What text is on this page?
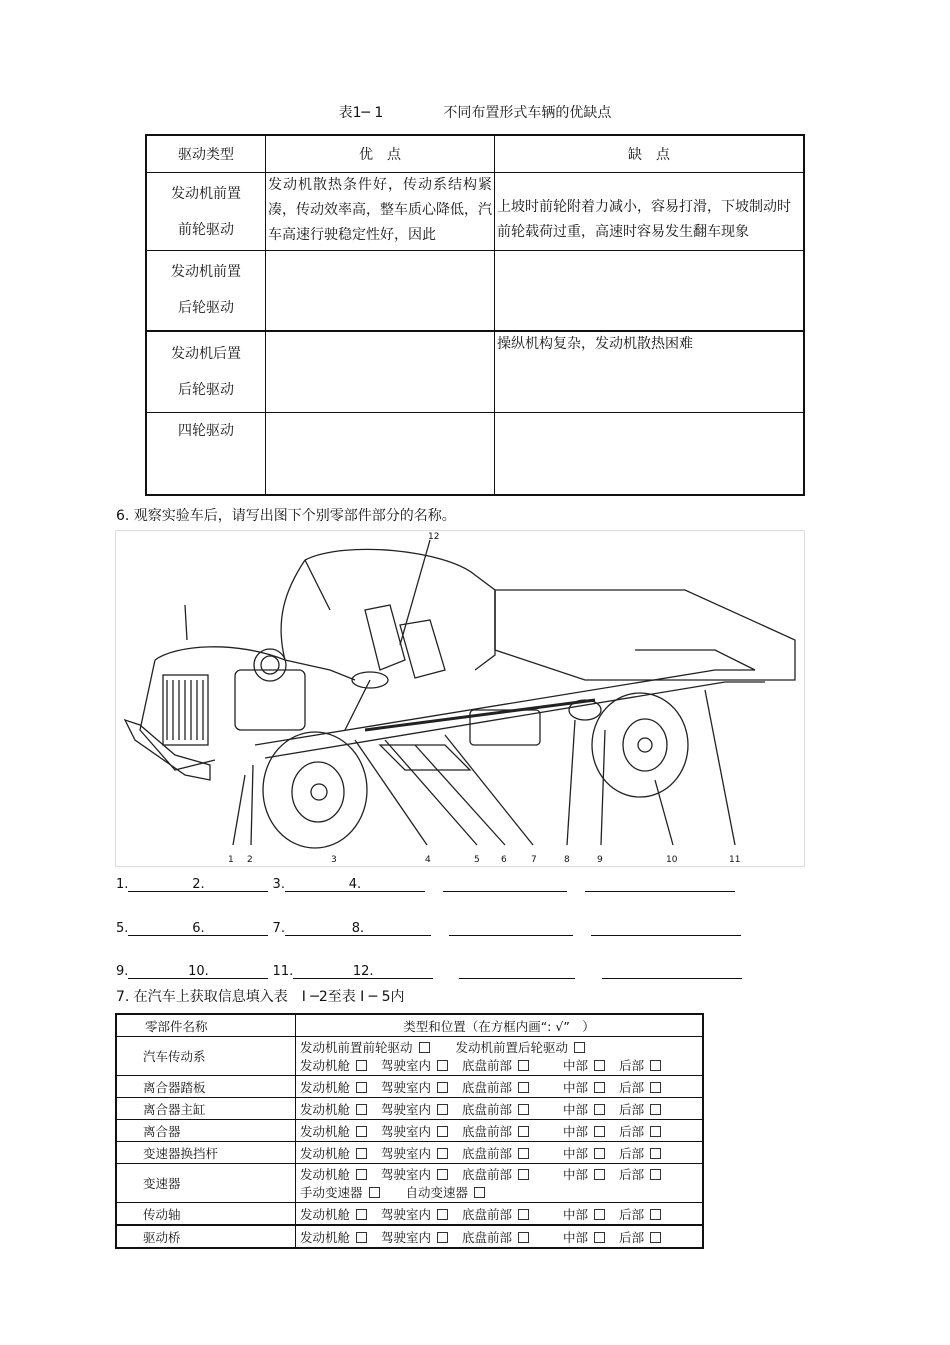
表1─ 1	不同布置形式车辆的优缺点
驱动类型	优　点	缺　点

发动机前置
前轮驱动	发动机散热条件好，传动系结构紧凑，传动效率高，整车质心降低，汽车高速行驶稳定性好，因此	上坡时前轮附着力减小，容易打滑，下坡制动时前轮载荷过重，高速时容易发生翻车现象

发动机前置
后轮驱动		

发动机后置
后轮驱动		操纵机构复杂，发动机散热困难

四轮驱动		

6. 观察实验车后，请写出图下个别零部件部分的名称。
12
1 2	3	4	5 6	7	8	9	10	11
1.	2.	3.	4.
5.	6.	7.	8.
9.	10.	11.	12.
7. 在汽车上获取信息填入表　I ─2至表 I ─ 5内
零部件名称	类型和位置（在方框内画“: √”　）
汽车传动系	发动机前置前轮驱动 发动机前置后轮驱动
发动机舱 驾驶室内 底盘前部 中部 后部

离合器踏板	发动机舱 驾驶室内 底盘前部 中部 后部

离合器主缸	发动机舱 驾驶室内 底盘前部 中部 后部

离合器	发动机舱 驾驶室内 底盘前部 中部 后部

变速器换挡杆	发动机舱 驾驶室内 底盘前部 中部 后部

变速器	发动机舱 驾驶室内 底盘前部 中部 后部
手动变速器 自动变速器

传动轴	发动机舱 驾驶室内 底盘前部 中部 后部

驱动桥	发动机舱 驾驶室内 底盘前部 中部 后部
